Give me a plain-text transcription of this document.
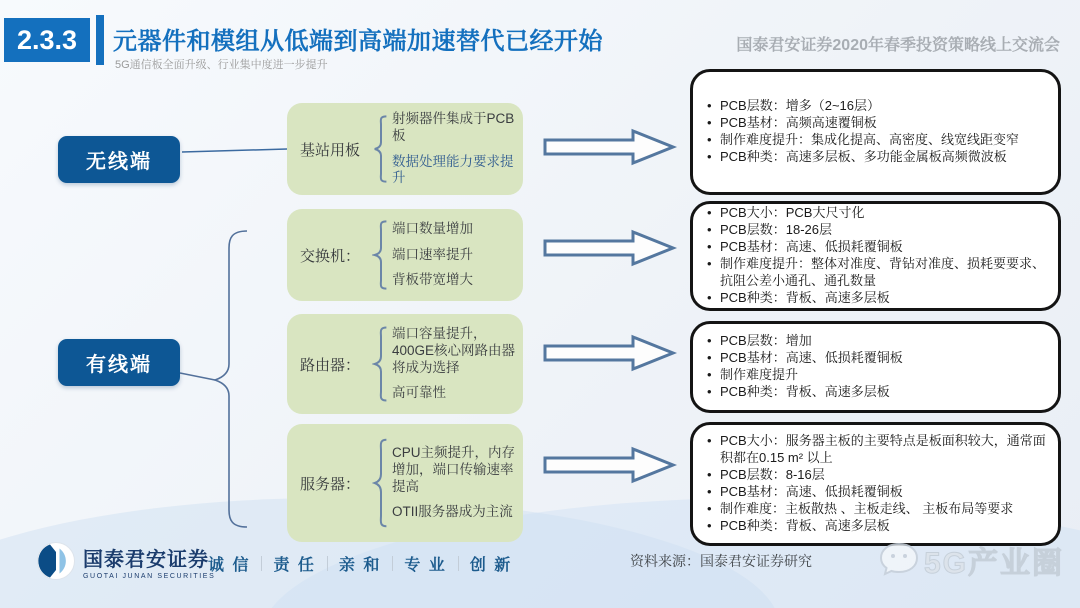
2.3.3	元器件和模组从低端到高端加速替代已经开始
5G通信板全面升级、行业集中度进一步提升
国泰君安证券2020年春季投资策略线上交流会
无线端
有线端
基站用板
射频器件集成于PCB板
数据处理能力要求提升
• PCB层数：增多（2~16层）
• PCB基材：高频高速覆铜板
• 制作难度提升：集成化提高、高密度、线宽线距变窄
• PCB种类：高速多层板、多功能金属板高频微波板
交换机：
端口数量增加
端口速率提升
背板带宽增大
• PCB大小：PCB大尺寸化
• PCB层数：18-26层
• PCB基材：高速、低损耗覆铜板
• 制作难度提升：整体对准度、背钻对准度、损耗要要求、抗阻公差小通孔、通孔数量
• PCB种类：背板、高速多层板
路由器：
端口容量提升，400GE核心网路由器将成为选择
高可靠性
• PCB层数：增加
• PCB基材：高速、低损耗覆铜板
• 制作难度提升
• PCB种类：背板、高速多层板
服务器：
CPU主频提升，内存增加，端口传输速率提高
OTII服务器成为主流
• PCB大小：服务器主板的主要特点是板面积较大，通常面积都在0.15 m² 以上
• PCB层数：8-16层
• PCB基材：高速、低损耗覆铜板
• 制作难度：主板散热 、主板走线、 主板布局等要求
• PCB种类：背板、高速多层板
国泰君安证券
GUOTAI JUNAN SECURITIES
诚 信 责 任 亲 和 专 业 创 新	资料来源：国泰君安证券研究	5G产业圈
